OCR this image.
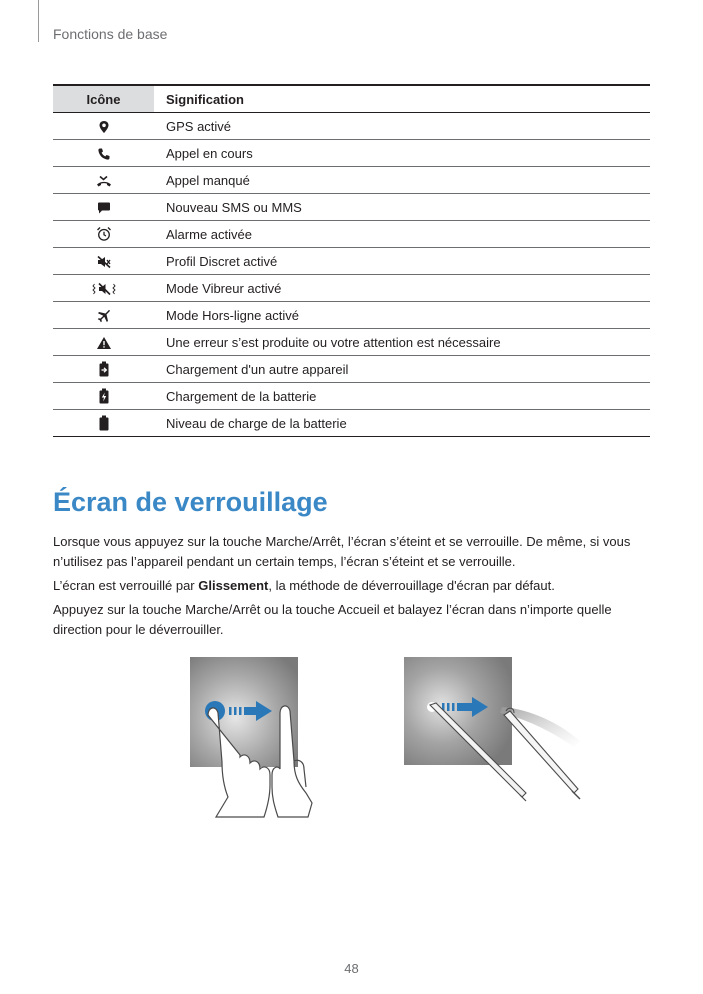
Fonctions de base
Icône	Signification
	GPS activé
	Appel en cours
	Appel manqué
	Nouveau SMS ou MMS
	Alarme activée
	Profil Discret activé
	Mode Vibreur activé
	Mode Hors-ligne activé
	Une erreur s’est produite ou votre attention est nécessaire
	Chargement d'un autre appareil
	Chargement de la batterie
	Niveau de charge de la batterie
Écran de verrouillage

Lorsque vous appuyez sur la touche Marche/Arrêt, l’écran s’éteint et se verrouille. De même, si vous n’utilisez pas l’appareil pendant un certain temps, l’écran s’éteint et se verrouille.

L’écran est verrouillé par Glissement, la méthode de déverrouillage d'écran par défaut.

Appuyez sur la touche Marche/Arrêt ou la touche Accueil et balayez l’écran dans n’importe quelle direction pour le déverrouiller.

48
